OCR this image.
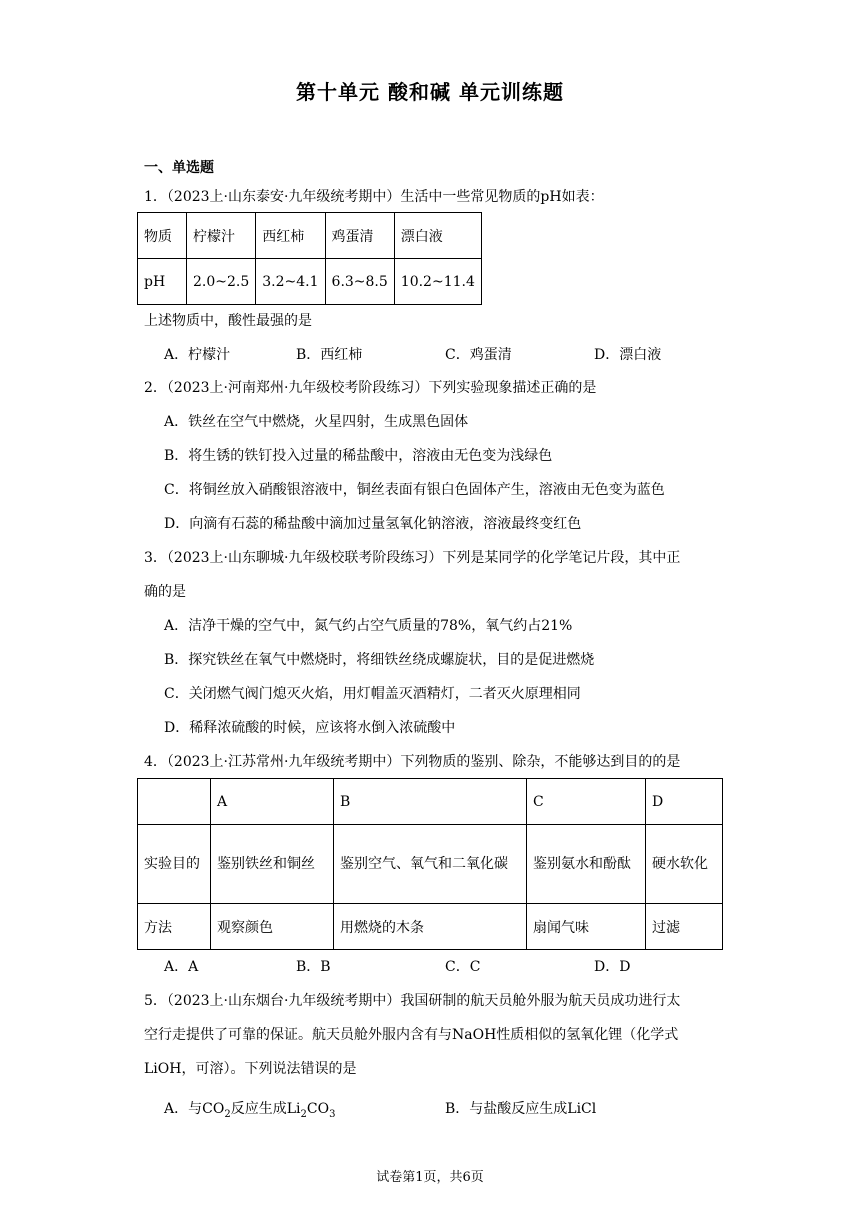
第十单元 酸和碱 单元训练题
一、单选题
1．（2023上·山东泰安·九年级统考期中）生活中一些常见物质的pH如表：
物质	柠檬汁	西红柿	鸡蛋清	漂白液
pH	2.0~2.5	3.2~4.1	6.3~8.5	10.2~11.4
上述物质中，酸性最强的是
A．柠檬汁	B．西红柿	C．鸡蛋清	D．漂白液
2．（2023上·河南郑州·九年级校考阶段练习）下列实验现象描述正确的是
A．铁丝在空气中燃烧，火星四射，生成黑色固体
B．将生锈的铁钉投入过量的稀盐酸中，溶液由无色变为浅绿色
C．将铜丝放入硝酸银溶液中，铜丝表面有银白色固体产生，溶液由无色变为蓝色
D．向滴有石蕊的稀盐酸中滴加过量氢氧化钠溶液，溶液最终变红色
3．（2023上·山东聊城·九年级校联考阶段练习）下列是某同学的化学笔记片段，其中正
确的是
A．洁净干燥的空气中，氮气约占空气质量的78%，氧气约占21%
B．探究铁丝在氧气中燃烧时，将细铁丝绕成螺旋状，目的是促进燃烧
C．关闭燃气阀门熄灭火焰，用灯帽盖灭酒精灯，二者灭火原理相同
D．稀释浓硫酸的时候，应该将水倒入浓硫酸中
4．（2023上·江苏常州·九年级统考期中）下列物质的鉴别、除杂，不能够达到目的的是
	A	B	C	D
实验目的	鉴别铁丝和铜丝	鉴别空气、氧气和二氧化碳	鉴别氨水和酚酞	硬水软化
方法	观察颜色	用燃烧的木条	扇闻气味	过滤
A．A	B．B	C．C	D．D
5．（2023上·山东烟台·九年级统考期中）我国研制的航天员舱外服为航天员成功进行太
空行走提供了可靠的保证。航天员舱外服内含有与NaOH性质相似的氢氧化锂（化学式
LiOH，可溶）。下列说法错误的是
A．与$CO_2$反应生成$Li_2CO_3$	B．与盐酸反应生成LiCl
试卷第1页，共6页
